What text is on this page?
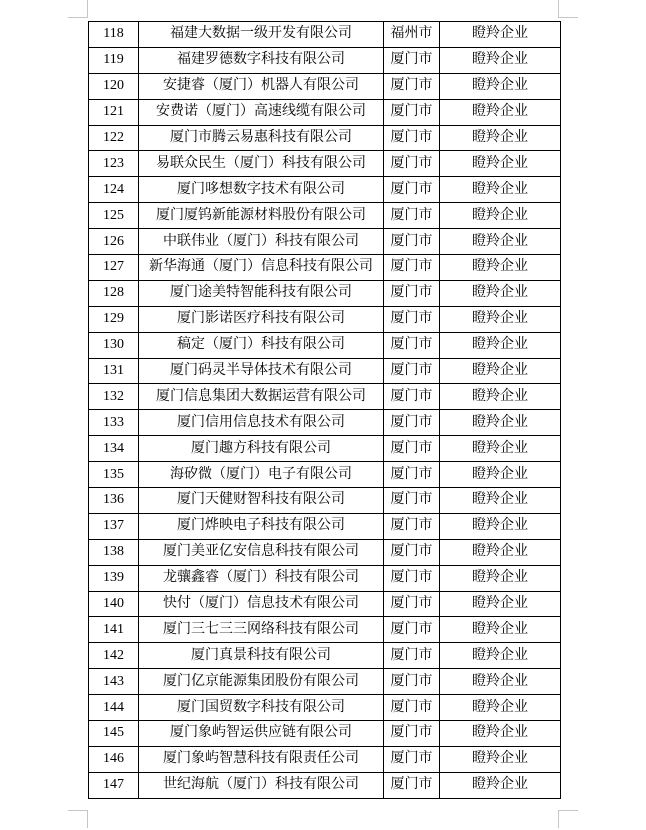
118	福建大数据一级开发有限公司	福州市	瞪羚企业
119	福建罗德数字科技有限公司	厦门市	瞪羚企业
120	安捷睿（厦门）机器人有限公司	厦门市	瞪羚企业
121	安费诺（厦门）高速线缆有限公司	厦门市	瞪羚企业
122	厦门市腾云易惠科技有限公司	厦门市	瞪羚企业
123	易联众民生（厦门）科技有限公司	厦门市	瞪羚企业
124	厦门哆想数字技术有限公司	厦门市	瞪羚企业
125	厦门厦钨新能源材料股份有限公司	厦门市	瞪羚企业
126	中联伟业（厦门）科技有限公司	厦门市	瞪羚企业
127	新华海通（厦门）信息科技有限公司	厦门市	瞪羚企业
128	厦门途美特智能科技有限公司	厦门市	瞪羚企业
129	厦门影诺医疗科技有限公司	厦门市	瞪羚企业
130	稿定（厦门）科技有限公司	厦门市	瞪羚企业
131	厦门码灵半导体技术有限公司	厦门市	瞪羚企业
132	厦门信息集团大数据运营有限公司	厦门市	瞪羚企业
133	厦门信用信息技术有限公司	厦门市	瞪羚企业
134	厦门趣方科技有限公司	厦门市	瞪羚企业
135	海矽微（厦门）电子有限公司	厦门市	瞪羚企业
136	厦门天健财智科技有限公司	厦门市	瞪羚企业
137	厦门烨映电子科技有限公司	厦门市	瞪羚企业
138	厦门美亚亿安信息科技有限公司	厦门市	瞪羚企业
139	龙骧鑫睿（厦门）科技有限公司	厦门市	瞪羚企业
140	快付（厦门）信息技术有限公司	厦门市	瞪羚企业
141	厦门三七三三网络科技有限公司	厦门市	瞪羚企业
142	厦门真景科技有限公司	厦门市	瞪羚企业
143	厦门亿京能源集团股份有限公司	厦门市	瞪羚企业
144	厦门国贸数字科技有限公司	厦门市	瞪羚企业
145	厦门象屿智运供应链有限公司	厦门市	瞪羚企业
146	厦门象屿智慧科技有限责任公司	厦门市	瞪羚企业
147	世纪海航（厦门）科技有限公司	厦门市	瞪羚企业
